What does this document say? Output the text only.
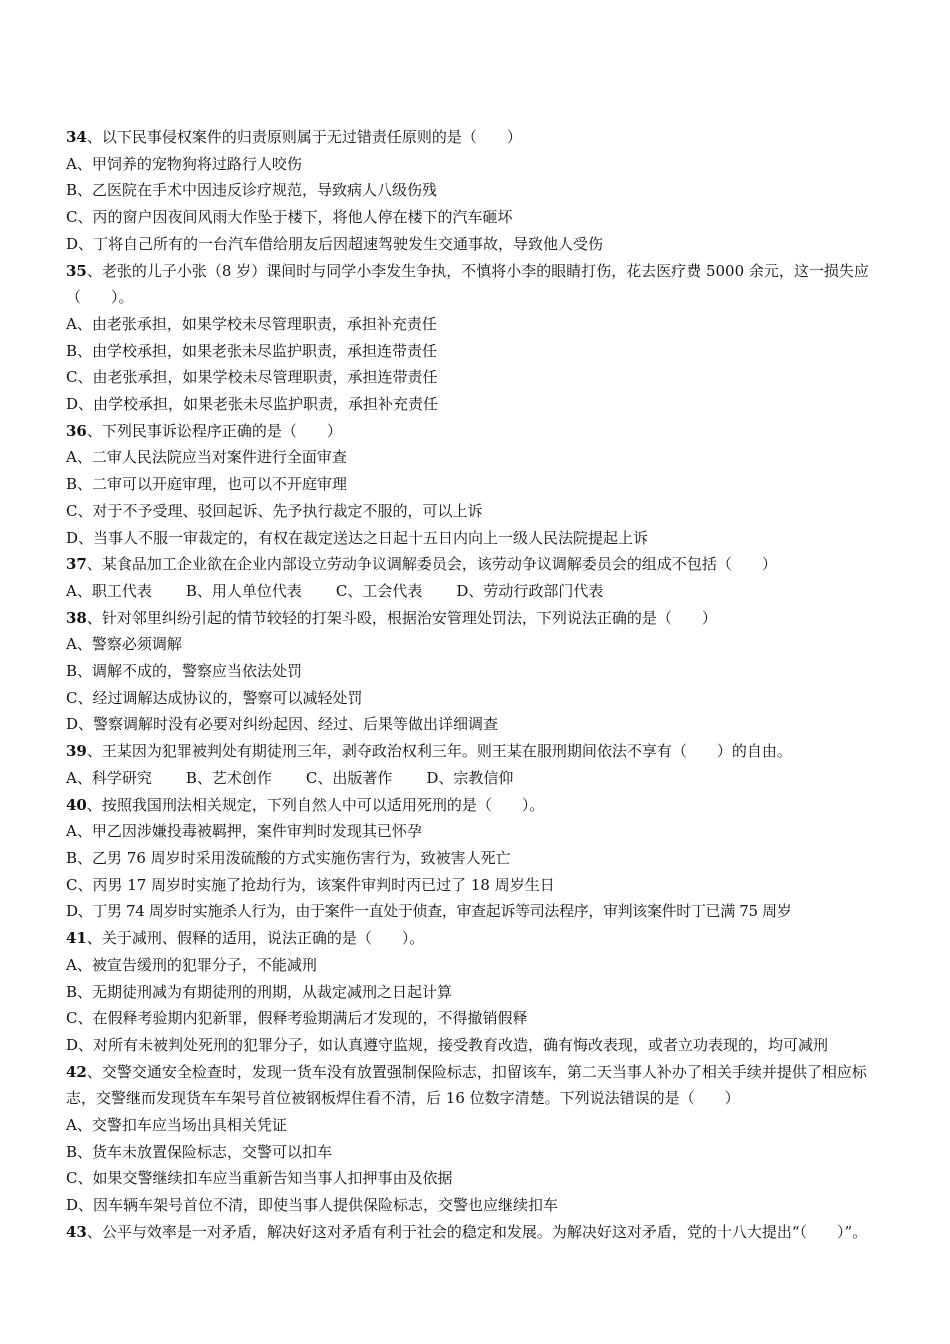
34、以下民事侵权案件的归责原则属于无过错责任原则的是（　　）

A、甲饲养的宠物狗将过路行人咬伤

B、乙医院在手术中因违反诊疗规范，导致病人八级伤残

C、丙的窗户因夜间风雨大作坠于楼下，将他人停在楼下的汽车砸坏

D、丁将自己所有的一台汽车借给朋友后因超速驾驶发生交通事故，导致他人受伤

35、老张的儿子小张（8 岁）课间时与同学小李发生争执，不慎将小李的眼睛打伤，花去医疗费 5000 余元，这一损失应（　　）。

A、由老张承担，如果学校未尽管理职责，承担补充责任

B、由学校承担，如果老张未尽监护职责，承担连带责任

C、由老张承担，如果学校未尽管理职责，承担连带责任

D、由学校承担，如果老张未尽监护职责，承担补充责任

36、下列民事诉讼程序正确的是（　　）

A、二审人民法院应当对案件进行全面审查

B、二审可以开庭审理，也可以不开庭审理

C、对于不予受理、驳回起诉、先予执行裁定不服的，可以上诉

D、当事人不服一审裁定的，有权在裁定送达之日起十五日内向上一级人民法院提起上诉

37、某食品加工企业欲在企业内部设立劳动争议调解委员会，该劳动争议调解委员会的组成不包括（　　）

A、职工代表 B、用人单位代表 C、工会代表 D、劳动行政部门代表

38、针对邻里纠纷引起的情节较轻的打架斗殴，根据治安管理处罚法，下列说法正确的是（　　）

A、警察必须调解

B、调解不成的，警察应当依法处罚

C、经过调解达成协议的，警察可以减轻处罚

D、警察调解时没有必要对纠纷起因、经过、后果等做出详细调查

39、王某因为犯罪被判处有期徒刑三年，剥夺政治权利三年。则王某在服刑期间依法不享有（　　）的自由。

A、科学研究 B、艺术创作 C、出版著作 D、宗教信仰

40、按照我国刑法相关规定，下列自然人中可以适用死刑的是（　　）。

A、甲乙因涉嫌投毒被羁押，案件审判时发现其已怀孕

B、乙男 76 周岁时采用泼硫酸的方式实施伤害行为，致被害人死亡

C、丙男 17 周岁时实施了抢劫行为，该案件审判时丙已过了 18 周岁生日

D、丁男 74 周岁时实施杀人行为，由于案件一直处于侦查，审查起诉等司法程序，审判该案件时丁已满 75 周岁

41、关于减刑、假释的适用，说法正确的是（　　）。

A、被宣告缓刑的犯罪分子，不能减刑

B、无期徒刑减为有期徒刑的刑期，从裁定减刑之日起计算

C、在假释考验期内犯新罪，假释考验期满后才发现的，不得撤销假释

D、对所有未被判处死刑的犯罪分子，如认真遵守监规，接受教育改造，确有悔改表现，或者立功表现的，均可减刑

42、交警交通安全检查时，发现一货车没有放置强制保险标志，扣留该车，第二天当事人补办了相关手续并提供了相应标志，交警继而发现货车车架号首位被钢板焊住看不清，后 16 位数字清楚。下列说法错误的是（　　）

A、交警扣车应当场出具相关凭证

B、货车未放置保险标志，交警可以扣车

C、如果交警继续扣车应当重新告知当事人扣押事由及依据

D、因车辆车架号首位不清，即使当事人提供保险标志，交警也应继续扣车

43、公平与效率是一对矛盾，解决好这对矛盾有利于社会的稳定和发展。为解决好这对矛盾，党的十八大提出“（　　）”。
